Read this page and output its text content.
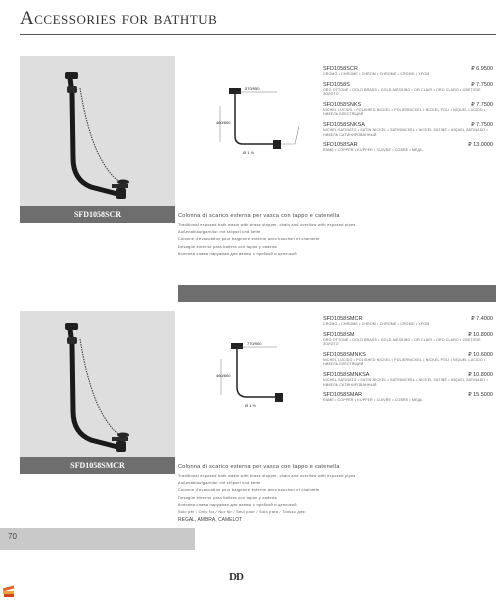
Accessories for bathtub
SFD1058SCR
570/950
460/600
Ø 1 ½
SFD1058SCR	₽ 6.9500
CROMO • CHROME • CHROM • CHROME • CROMO • ХРОМ
SFD1058S	₽ 7.7500
ORO OTTONE • GOLD BRASS • GOLD-MESSING • OR CLAIR • ORO CLARO • СВЕТЛОЕ ЗОЛОТО
SFD1058SNKS	₽ 7.7500
NICHEL LUCIDO • POLISHED NICKEL • POLIERNICKEL • NICKEL POLI • NÍQUEL LUCIDO • НИКЕЛЬ БЛЕСТЯЩИЙ
SFD1058SNKSA	₽ 7.7500
NICHEL SATINATO • SATIN NICKEL • SATINNICKEL • NICKEL SATINÉ • NÍQUEL SATINADO • НИКЕЛЬ САТИНИРОВАННЫЙ
SFD1058SAR	₽ 13.0000
RAME • COPPER • KUPFER • CUIVRE • COBRE • МЕДЬ
Colonna di scarico esterna per vasca con tappo e catenella
Traditional exposed bath waste with brass stopper, chain and overflow with exposed pipes
Außenablaufgarnitur mit stöpsel und kette
Colonne d'evacuation pour baignoire externe avec bouchon et chainette
Desagüe exterior para bañera con tapón y cadena
Колонна слива наружная для ванны с пробкой и цепочкой
SFD1058SMCR
770/900
460/600
Ø 1 ½
SFD1058SMCR	₽ 7.4000
CROMO • CHROME • CHROM • CHROME • CROMO • ХРОМ
SFD1058SM	₽ 10.8000
ORO OTTONE • GOLD BRASS • GOLD-MESSING • OR CLAIR • ORO CLARO • СВЕТЛОЕ ЗОЛОТО
SFD1058SMNKS	₽ 10.6000
NICHEL LUCIDO • POLISHED NICKEL • POLIERNICKEL • NICKEL POLI • NÍQUEL LUCIDO • НИКЕЛЬ БЛЕСТЯЩИЙ
SFD1058SMNKSA	₽ 10.8000
NICHEL SATINATO • SATIN NICKEL • SATINNICKEL • NICKEL SATINÉ • NÍQUEL SATINADO • НИКЕЛЬ САТИНИРОВАННЫЙ
SFD1058SMAR	₽ 15.5000
RAME • COPPER • KUPFER • CUIVRE • COBRE • МЕДЬ
Colonna di scarico esterna per vasca con tappo e catenella
Traditional exposed bath waste with brass stopper, chain and overflow with exposed pipes
Außenablaufgarnitur mit stöpsel und kette
Colonne d'evacuation pour baignoire externe avec bouchon et chainette
Desagüe exterior para bañera con tapón y cadena
Колонна слива наружная для ванны с пробкой и цепочкой
Solo per / Only for / Nur für / Seul pour / Solo para / Только для:
REGAL, AMBRA, CAMELOT
70
DD
